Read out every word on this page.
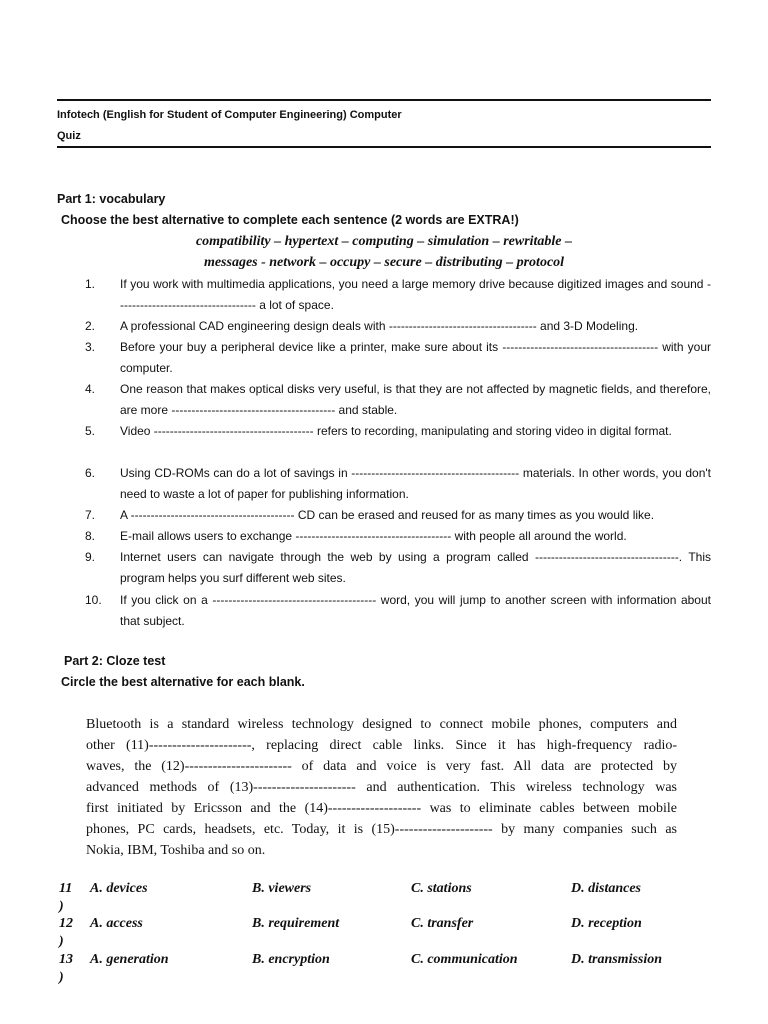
Infotech (English for Student of Computer Engineering) Computer
Quiz
Part 1: vocabulary
Choose the best alternative to complete each sentence (2 words are EXTRA!)
compatibility – hypertext – computing – simulation – rewritable –
messages - network – occupy – secure – distributing – protocol
1. If you work with multimedia applications, you need a large memory drive because digitized images and sound ----------------------------------- a lot of space.
2. A professional CAD engineering design deals with ------------------------------------- and 3-D Modeling.
3. Before your buy a peripheral device like a printer, make sure about its --------------------------------------- with your computer.
4. One reason that makes optical disks very useful, is that they are not affected by magnetic fields, and therefore, are more ----------------------------------------- and stable.
5. Video ---------------------------------------- refers to recording, manipulating and storing video in digital format.
6. Using CD-ROMs can do a lot of savings in ------------------------------------------ materials. In other words, you don't need to waste a lot of paper for publishing information.
7. A ----------------------------------------- CD can be erased and reused for as many times as you would like.
8. E-mail allows users to exchange --------------------------------------- with people all around the world.
9. Internet users can navigate through the web by using a program called ------------------------------------. This program helps you surf different web sites.
10. If you click on a ----------------------------------------- word, you will jump to another screen with information about that subject.
Part 2: Cloze test
Circle the best alternative for each blank.
Bluetooth is a standard wireless technology designed to connect mobile phones, computers and
other (11)----------------------, replacing direct cable links. Since it has high-frequency radio-
waves, the (12)----------------------- of data and voice is very fast. All data are protected by
advanced methods of (13)---------------------- and authentication. This wireless technology was
first initiated by Ericsson and the (14)-------------------- was to eliminate cables between mobile
phones, PC cards, headsets, etc. Today, it is (15)--------------------- by many companies such as
Nokia, IBM, Toshiba and so on.
11
)
A. devices	B. viewers	C. stations	D. distances
12
)
A. access	B. requirement	C. transfer	D. reception
13
)
A. generation	B. encryption	C. communication	D. transmission
